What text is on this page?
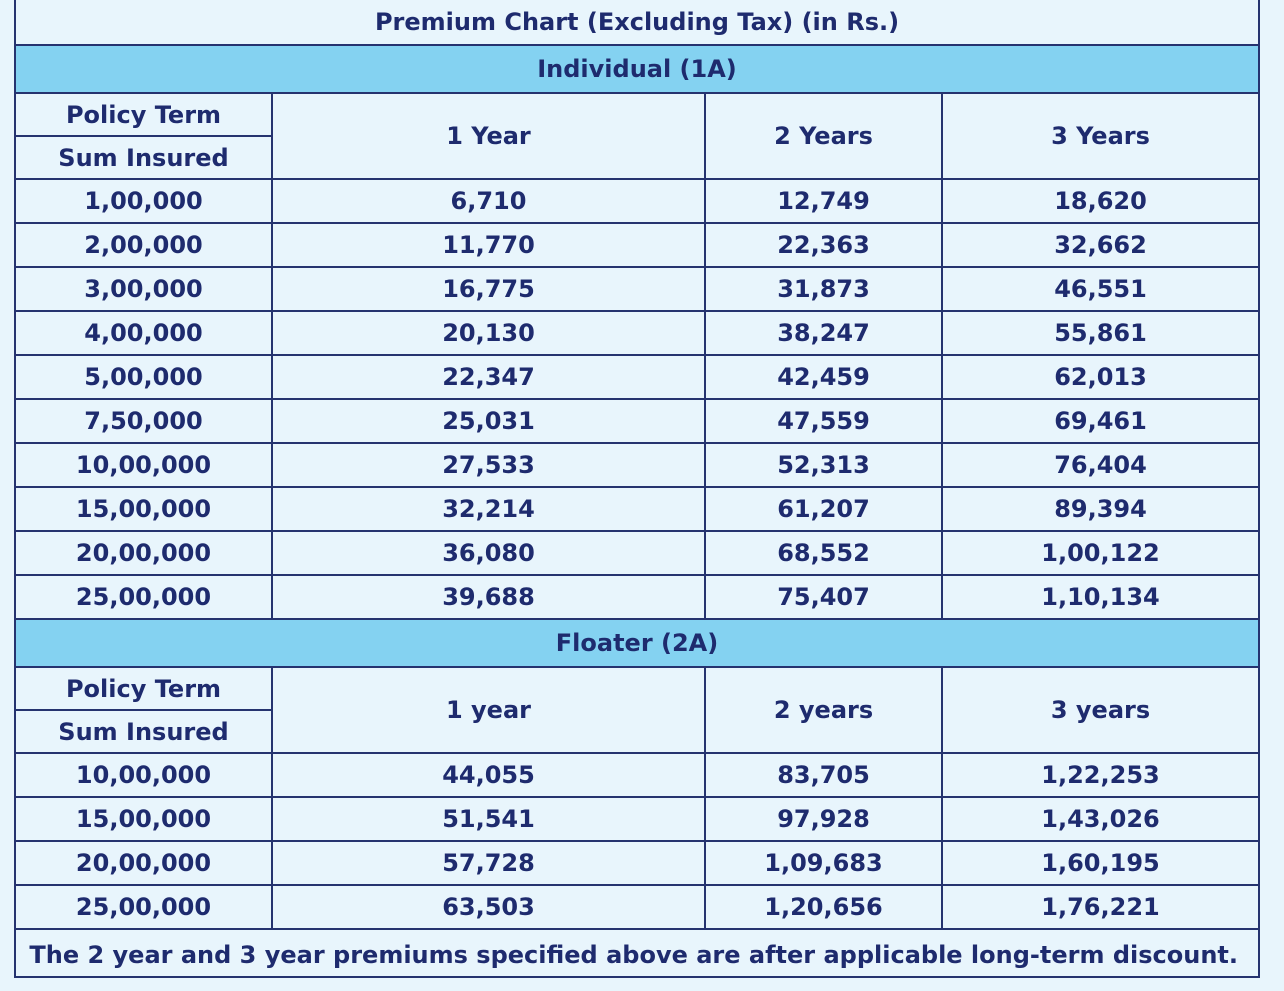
Premium Chart (Excluding Tax) (in Rs.)			
Individual (1A)			
Policy Term	1 Year	2 Years	3 Years
Sum Insured			
1,00,000	6,710	12,749	18,620
2,00,000	11,770	22,363	32,662
3,00,000	16,775	31,873	46,551
4,00,000	20,130	38,247	55,861
5,00,000	22,347	42,459	62,013
7,50,000	25,031	47,559	69,461
10,00,000	27,533	52,313	76,404
15,00,000	32,214	61,207	89,394
20,00,000	36,080	68,552	1,00,122
25,00,000	39,688	75,407	1,10,134
Floater (2A)			
Policy Term	1 year	2 years	3 years
Sum Insured			
10,00,000	44,055	83,705	1,22,253
15,00,000	51,541	97,928	1,43,026
20,00,000	57,728	1,09,683	1,60,195
25,00,000	63,503	1,20,656	1,76,221
The 2 year and 3 year premiums specified above are after applicable long-term discount.
